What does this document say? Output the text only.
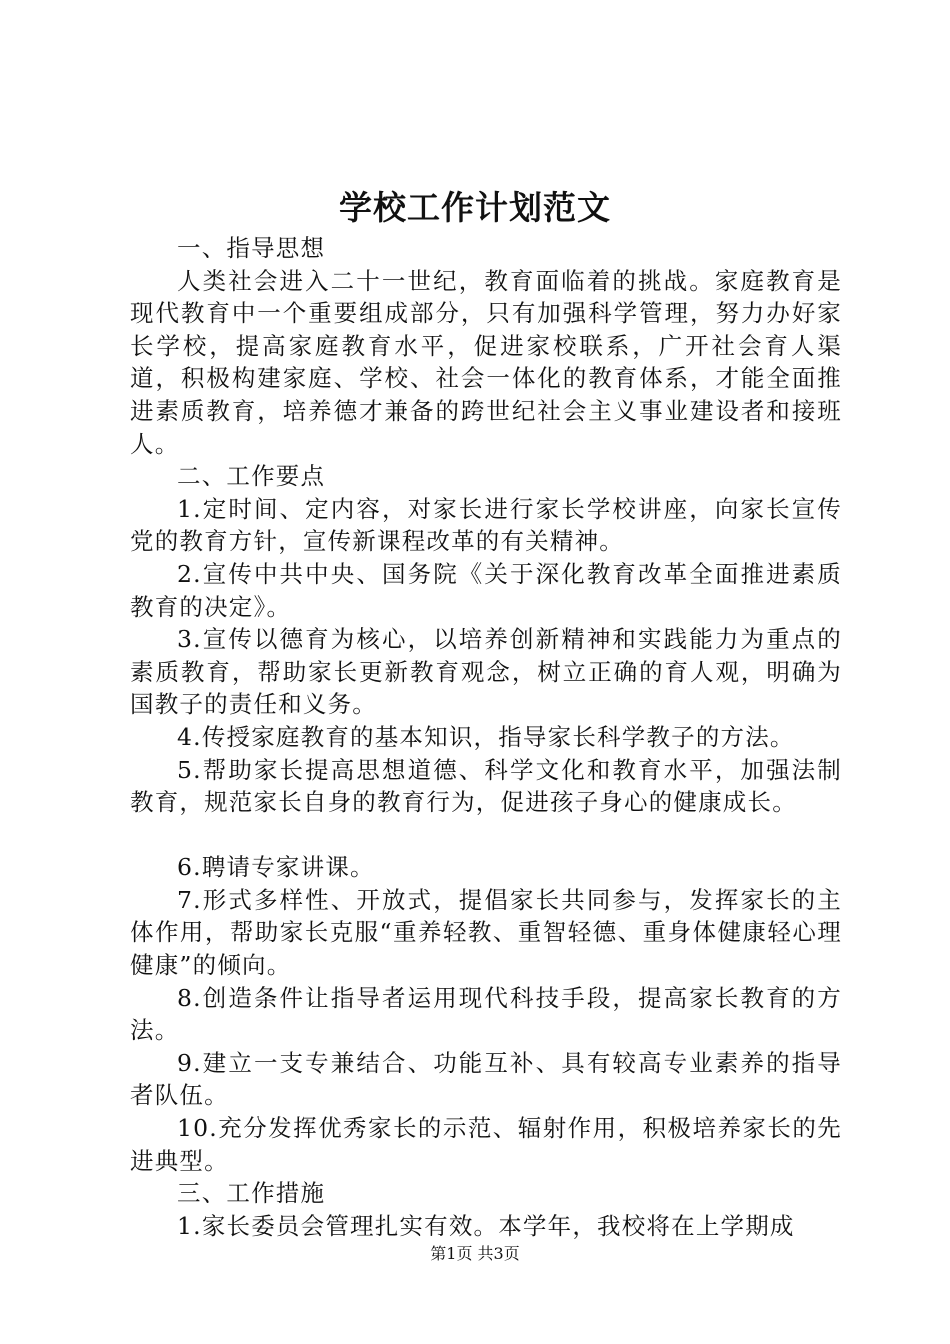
学校工作计划范文

一、指导思想

人类社会进入二十一世纪，教育面临着的挑战。家庭教育是现代教育中一个重要组成部分，只有加强科学管理，努力办好家长学校，提高家庭教育水平，促进家校联系，广开社会育人渠道，积极构建家庭、学校、社会一体化的教育体系，才能全面推进素质教育，培养德才兼备的跨世纪社会主义事业建设者和接班人。

二、工作要点

1.定时间、定内容，对家长进行家长学校讲座，向家长宣传党的教育方针，宣传新课程改革的有关精神。

2.宣传中共中央、国务院《关于深化教育改革全面推进素质教育的决定》。

3.宣传以德育为核心，以培养创新精神和实践能力为重点的素质教育，帮助家长更新教育观念，树立正确的育人观，明确为国教子的责任和义务。

4.传授家庭教育的基本知识，指导家长科学教子的方法。

5.帮助家长提高思想道德、科学文化和教育水平，加强法制教育，规范家长自身的教育行为，促进孩子身心的健康成长。

6.聘请专家讲课。

7.形式多样性、开放式，提倡家长共同参与，发挥家长的主体作用，帮助家长克服“重养轻教、重智轻德、重身体健康轻心理健康”的倾向。

8.创造条件让指导者运用现代科技手段，提高家长教育的方法。

9.建立一支专兼结合、功能互补、具有较高专业素养的指导者队伍。

10.充分发挥优秀家长的示范、辐射作用，积极培养家长的先进典型。

三、工作措施

1.家长委员会管理扎实有效。本学年，我校将在上学期成

第1页 共3页
